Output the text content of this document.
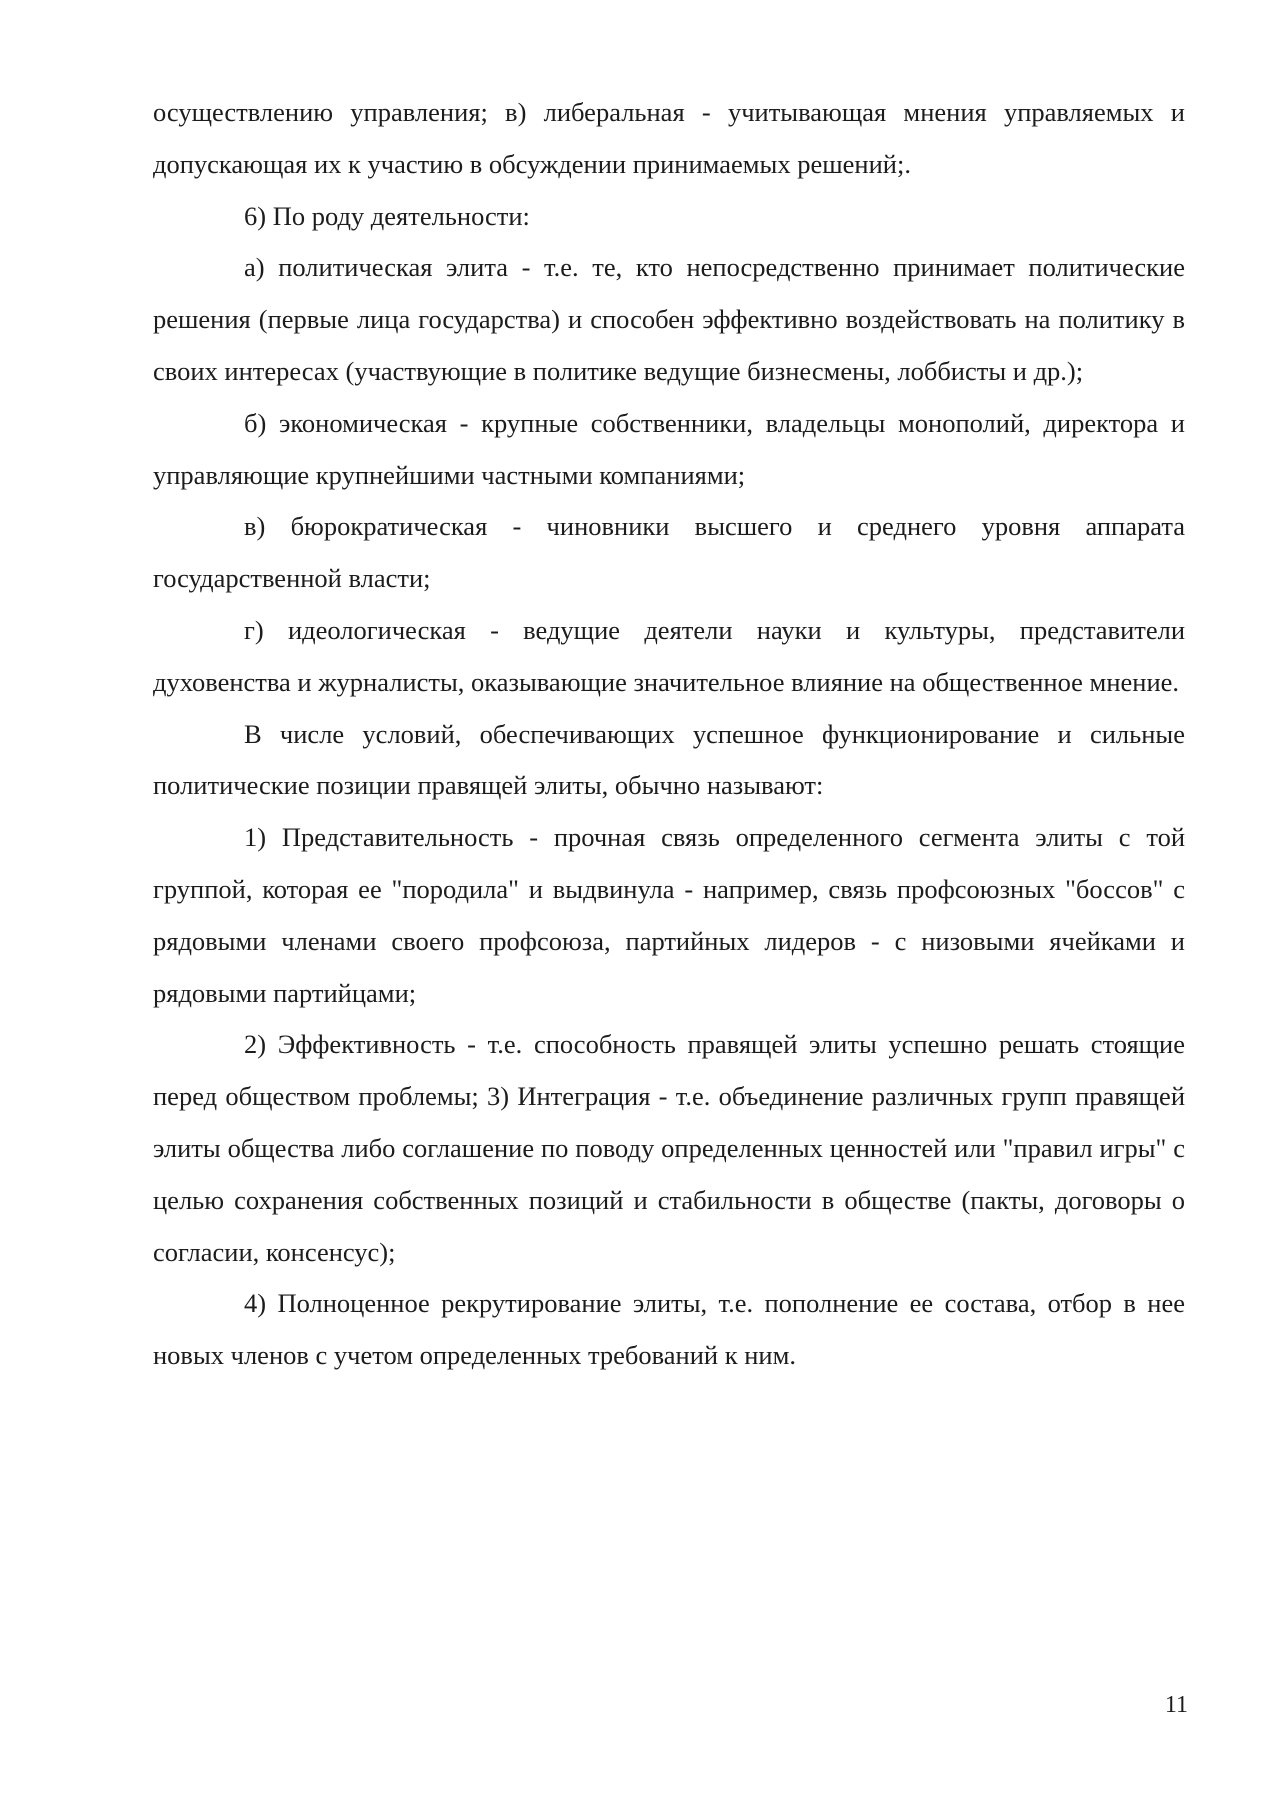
осуществлению управления; в) либеральная - учитывающая мнения управляемых и допускающая их к участию в обсуждении принимаемых решений;.

6) По роду деятельности:

а) политическая элита - т.е. те, кто непосредственно принимает политические решения (первые лица государства) и способен эффективно воздействовать на политику в своих интересах (участвующие в политике ведущие бизнесмены, лоббисты и др.);

б) экономическая - крупные собственники, владельцы монополий, директора и управляющие крупнейшими частными компаниями;

в) бюрократическая - чиновники высшего и среднего уровня аппарата государственной власти;

г) идеологическая - ведущие деятели науки и культуры, представители духовенства и журналисты, оказывающие значительное влияние на общественное мнение.

В числе условий, обеспечивающих успешное функционирование и сильные политические позиции правящей элиты, обычно называют:

1) Представительность - прочная связь определенного сегмента элиты с той группой, которая ее "породила" и выдвинула - например, связь профсоюзных "боссов" с рядовыми членами своего профсоюза, партийных лидеров - с низовыми ячейками и рядовыми партийцами;

2) Эффективность - т.е. способность правящей элиты успешно решать стоящие перед обществом проблемы; 3) Интеграция - т.е. объединение различных групп правящей элиты общества либо соглашение по поводу определенных ценностей или "правил игры" с целью сохранения собственных позиций и стабильности в обществе (пакты, договоры о согласии, консенсус);

4) Полноценное рекрутирование элиты, т.е. пополнение ее состава, отбор в нее новых членов с учетом определенных требований к ним.

11
